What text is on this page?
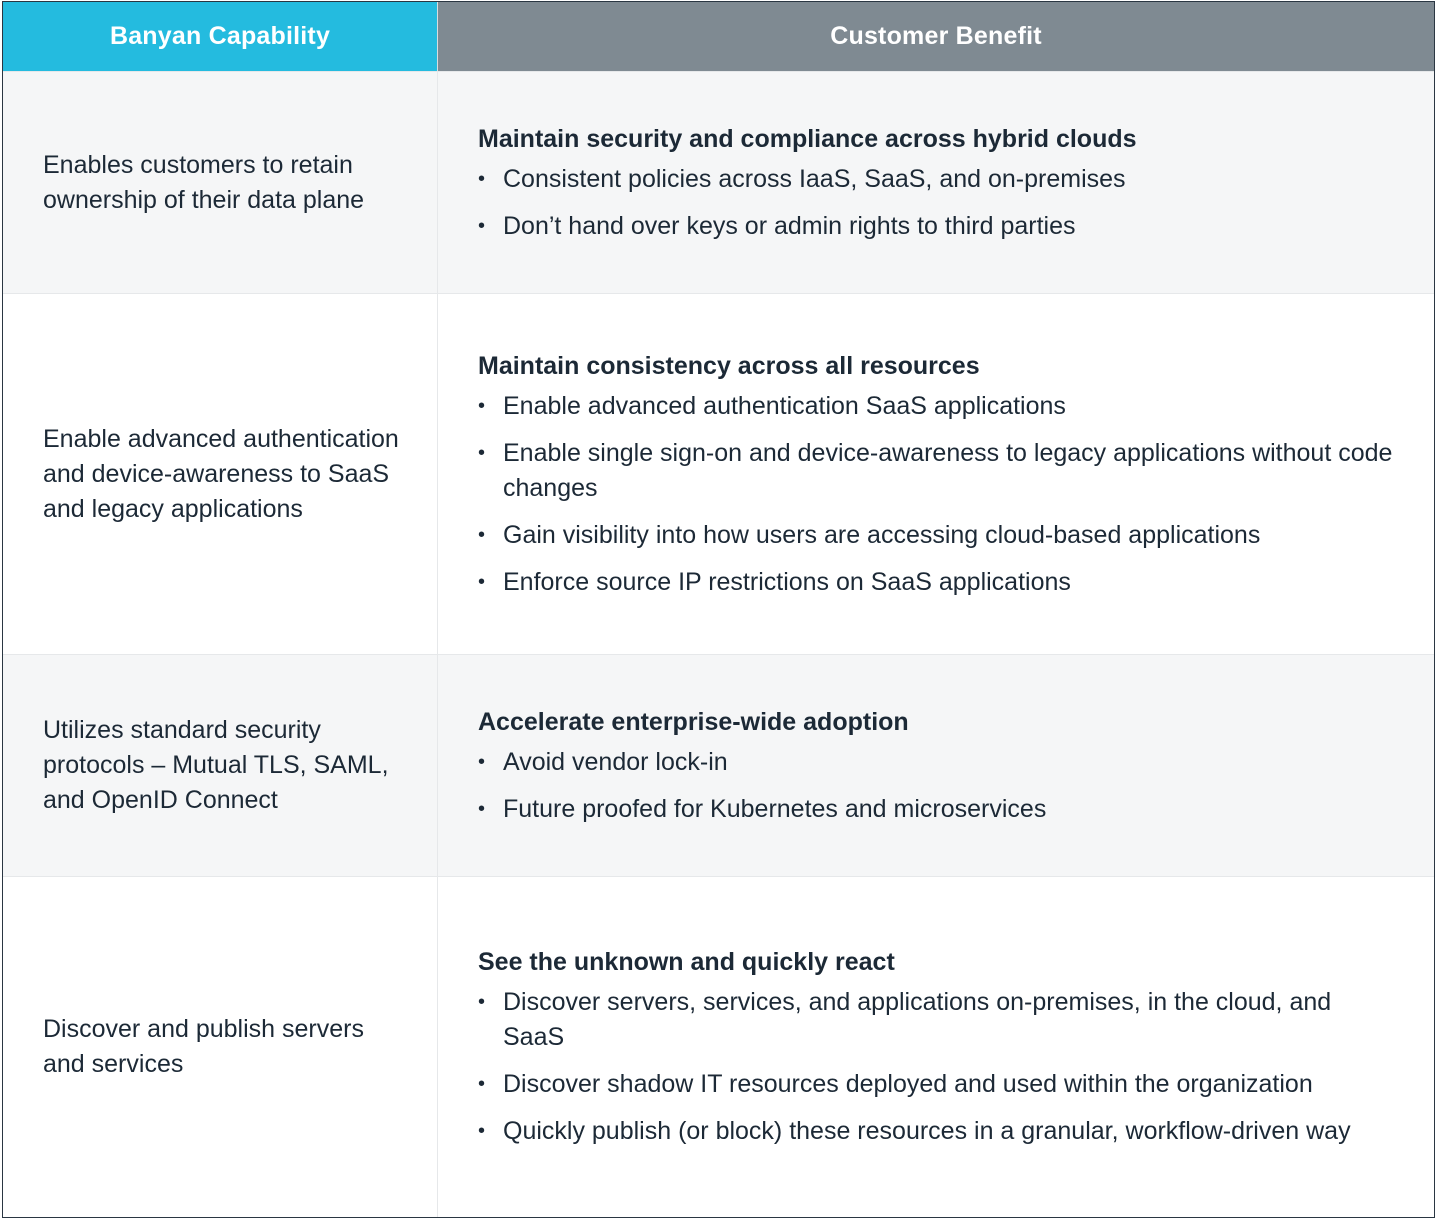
Banyan Capability	Customer Benefit
Enables customers to retain ownership of their data plane
Maintain security and compliance across hybrid clouds
• Consistent policies across IaaS, SaaS, and on-premises
• Don’t hand over keys or admin rights to third parties
Enable advanced authentication and device-awareness to SaaS and legacy applications
Maintain consistency across all resources
• Enable advanced authentication SaaS applications
• Enable single sign-on and device-awareness to legacy applications without code changes
• Gain visibility into how users are accessing cloud-based applications
• Enforce source IP restrictions on SaaS applications
Utilizes standard security protocols – Mutual TLS, SAML, and OpenID Connect
Accelerate enterprise-wide adoption
• Avoid vendor lock-in
• Future proofed for Kubernetes and microservices
Discover and publish servers and services
See the unknown and quickly react
• Discover servers, services, and applications on-premises, in the cloud, and SaaS
• Discover shadow IT resources deployed and used within the organization
• Quickly publish (or block) these resources in a granular, workflow-driven way
